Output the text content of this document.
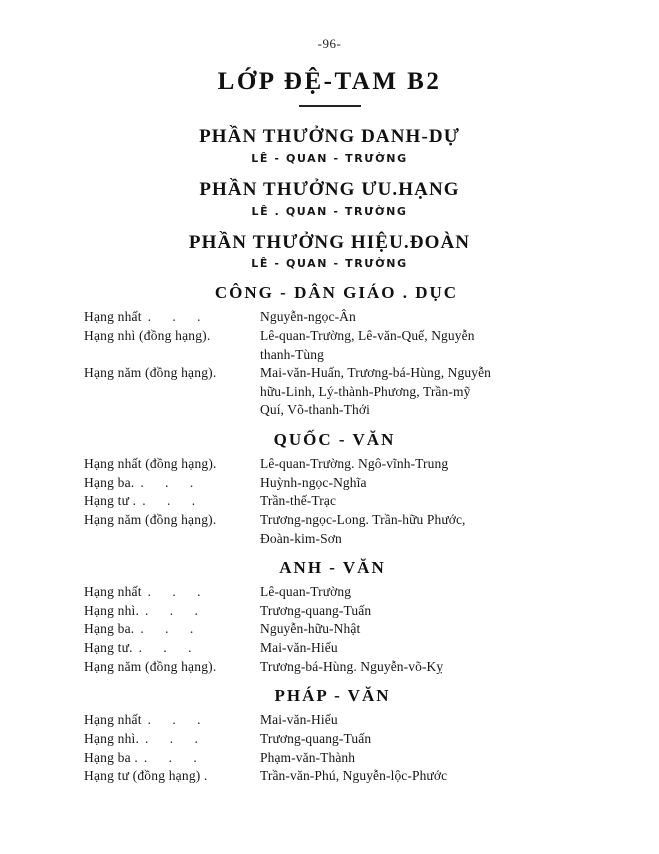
-96-
LỚP ĐỆ-TAM B2
PHẦN THƯỞNG DANH-DỰ
LÊ - QUAN - TRƯỜNG
PHẦN THƯỞNG ƯU.HẠNG
LÊ . QUAN - TRƯỜNG
PHẦN THƯỞNG HIỆU.ĐOÀN
LÊ - QUAN - TRƯỜNG
CÔNG - DÂN GIÁO . DỤC
Hạng nhất . . .	Nguyễn-ngọc-Ân

Hạng nhì (đồng hạng).	Lê-quan-Trường, Lê-văn-Quế, Nguyễn
thanh-Tùng

Hạng năm (đồng hạng).	Mai-văn-Huấn, Trương-bá-Hùng, Nguyễn
hữu-Linh, Lý-thành-Phương, Trần-mỹ
Quí, Võ-thanh-Thới
QUỐC - VĂN
Hạng nhất (đồng hạng).	Lê-quan-Trường. Ngô-vĩnh-Trung

Hạng ba. . . .	Huỳnh-ngọc-Nghĩa

Hạng tư . . . .	Trần-thế-Trạc

Hạng năm (đồng hạng).	Trương-ngọc-Long. Trần-hữu Phước,
Đoàn-kim-Sơn
ANH - VĂN
Hạng nhất . . .	Lê-quan-Trường

Hạng nhì. . . .	Trương-quang-Tuấn

Hạng ba. . . .	Nguyễn-hữu-Nhật

Hạng tư. . . .	Mai-văn-Hiếu

Hạng năm (đồng hạng).	Trương-bá-Hùng. Nguyễn-võ-Kỵ
PHÁP - VĂN
Hạng nhất . . .	Mai-văn-Hiếu

Hạng nhì. . . .	Trương-quang-Tuấn

Hạng ba . . . .	Phạm-văn-Thành

Hạng tư (đồng hạng) .	Trần-văn-Phú, Nguyễn-lộc-Phước
